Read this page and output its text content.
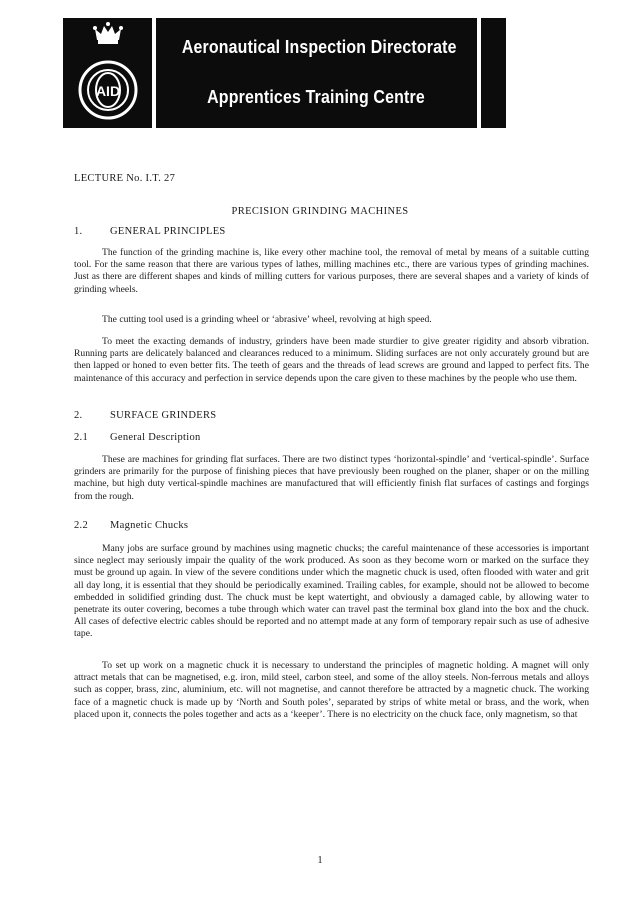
AID
Aeronautical Inspection Directorate
Apprentices Training Centre
LECTURE No. I.T. 27
PRECISION GRINDING MACHINES
1.	GENERAL PRINCIPLES

The function of the grinding machine is, like every other machine tool, the removal of metal by means of a suitable cutting tool. For the same reason that there are various types of lathes, milling machines etc., there are various types of grinding machines. Just as there are different shapes and kinds of milling cutters for various purposes, there are several shapes and a variety of kinds of grinding wheels.

The cutting tool used is a grinding wheel or ‘abrasive’ wheel, revolving at high speed.

To meet the exacting demands of industry, grinders have been made sturdier to give greater rigidity and absorb vibration. Running parts are delicately balanced and clearances reduced to a minimum. Sliding surfaces are not only accurately ground but are then lapped or honed to even better fits. The teeth of gears and the threads of lead screws are ground and lapped to perfect fits. The maintenance of this accuracy and perfection in service depends upon the care given to these machines by the people who use them.

2.	SURFACE GRINDERS
2.1 General Description

These are machines for grinding flat surfaces. There are two distinct types ‘horizontal-spindle’ and ‘vertical-spindle’. Surface grinders are primarily for the purpose of finishing pieces that have previously been roughed on the planer, shaper or on the milling machine, but high duty vertical-spindle machines are manufactured that will efficiently finish flat surfaces of castings and forgings from the rough.

2.2 Magnetic Chucks

Many jobs are surface ground by machines using magnetic chucks; the careful maintenance of these accessories is important since neglect may seriously impair the quality of the work produced. As soon as they become worn or marked on the surface they must be ground up again. In view of the severe conditions under which the magnetic chuck is used, often flooded with water and grit all day long, it is essential that they should be periodically examined. Trailing cables, for example, should not be allowed to become embedded in solidified grinding dust. The chuck must be kept watertight, and obviously a damaged cable, by allowing water to penetrate its outer covering, becomes a tube through which water can travel past the terminal box gland into the box and the chuck. All cases of defective electric cables should be reported and no attempt made at any form of temporary repair such as use of adhesive tape.

To set up work on a magnetic chuck it is necessary to understand the principles of magnetic holding. A magnet will only attract metals that can be magnetised, e.g. iron, mild steel, carbon steel, and some of the alloy steels. Non-ferrous metals and alloys such as copper, brass, zinc, aluminium, etc. will not magnetise, and cannot therefore be attracted by a magnetic chuck. The working face of a magnetic chuck is made up by ‘North and South poles’, separated by strips of white metal or brass, and the work, when placed upon it, connects the poles together and acts as a ‘keeper’. There is no electricity on the chuck face, only magnetism, so that

1
